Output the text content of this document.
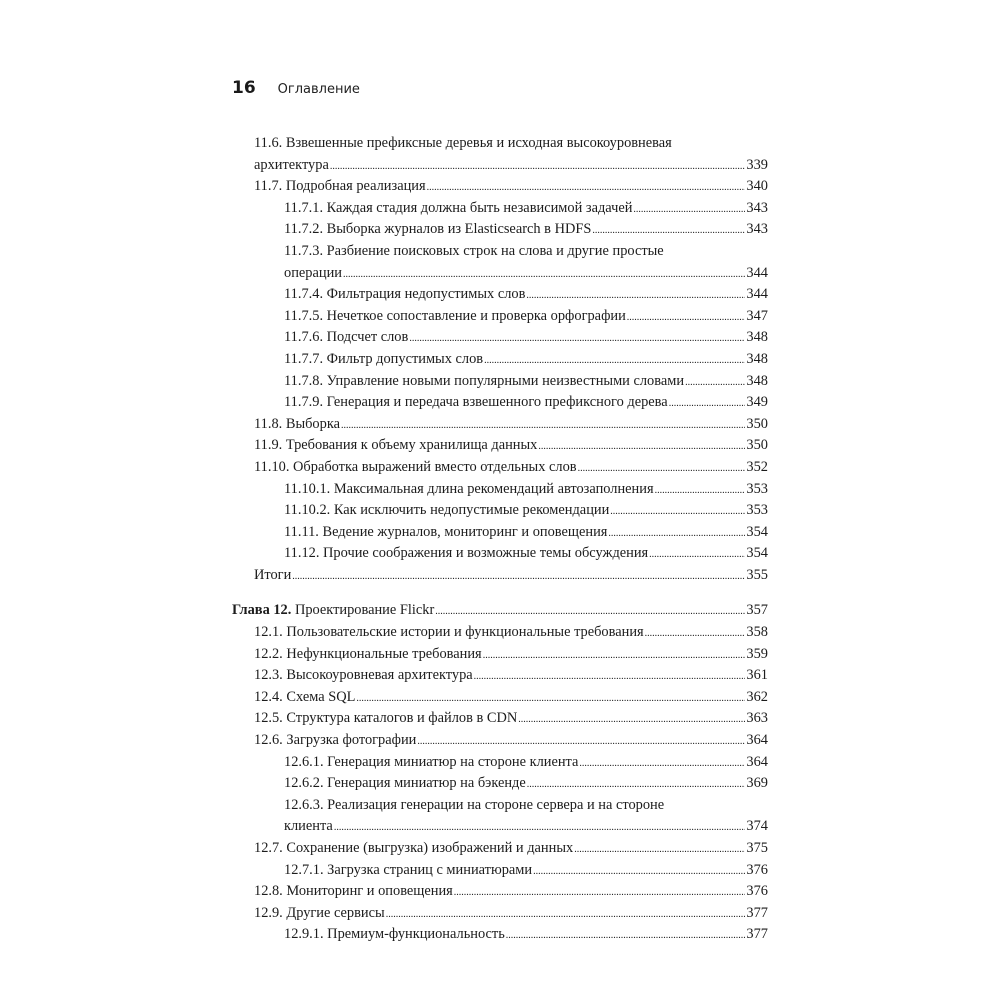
16 Оглавление
11.6. Взвешенные префиксные деревья и исходная высокоуровневая
архитектура .....	339
11.7. Подробная реализация .....	340
11.7.1. Каждая стадия должна быть независимой задачей .....	343
11.7.2. Выборка журналов из Elasticsearch в HDFS .....	343
11.7.3. Разбиение поисковых строк на слова и другие простые
операции .....	344
11.7.4. Фильтрация недопустимых слов .....	344
11.7.5. Нечеткое сопоставление и проверка орфографии .....	347
11.7.6. Подсчет слов .....	348
11.7.7. Фильтр допустимых слов .....	348
11.7.8. Управление новыми популярными неизвестными словами .....	348
11.7.9. Генерация и передача взвешенного префиксного дерева .....	349
11.8. Выборка .....	350
11.9. Требования к объему хранилища данных .....	350
11.10. Обработка выражений вместо отдельных слов .....	352
11.10.1. Максимальная длина рекомендаций автозаполнения .....	353
11.10.2. Как исключить недопустимые рекомендации .....	353
11.11. Ведение журналов, мониторинг и оповещения .....	354
11.12. Прочие соображения и возможные темы обсуждения .....	354
Итоги .....	355
Глава 12. Проектирование Flickr .....	357
12.1. Пользовательские истории и функциональные требования .....	358
12.2. Нефункциональные требования .....	359
12.3. Высокоуровневая архитектура .....	361
12.4. Схема SQL .....	362
12.5. Структура каталогов и файлов в CDN .....	363
12.6. Загрузка фотографии .....	364
12.6.1. Генерация миниатюр на стороне клиента .....	364
12.6.2. Генерация миниатюр на бэкенде .....	369
12.6.3. Реализация генерации на стороне сервера и на стороне
клиента .....	374
12.7. Сохранение (выгрузка) изображений и данных .....	375
12.7.1. Загрузка страниц с миниатюрами .....	376
12.8. Мониторинг и оповещения .....	376
12.9. Другие сервисы .....	377
12.9.1. Премиум-функциональность .....	377
